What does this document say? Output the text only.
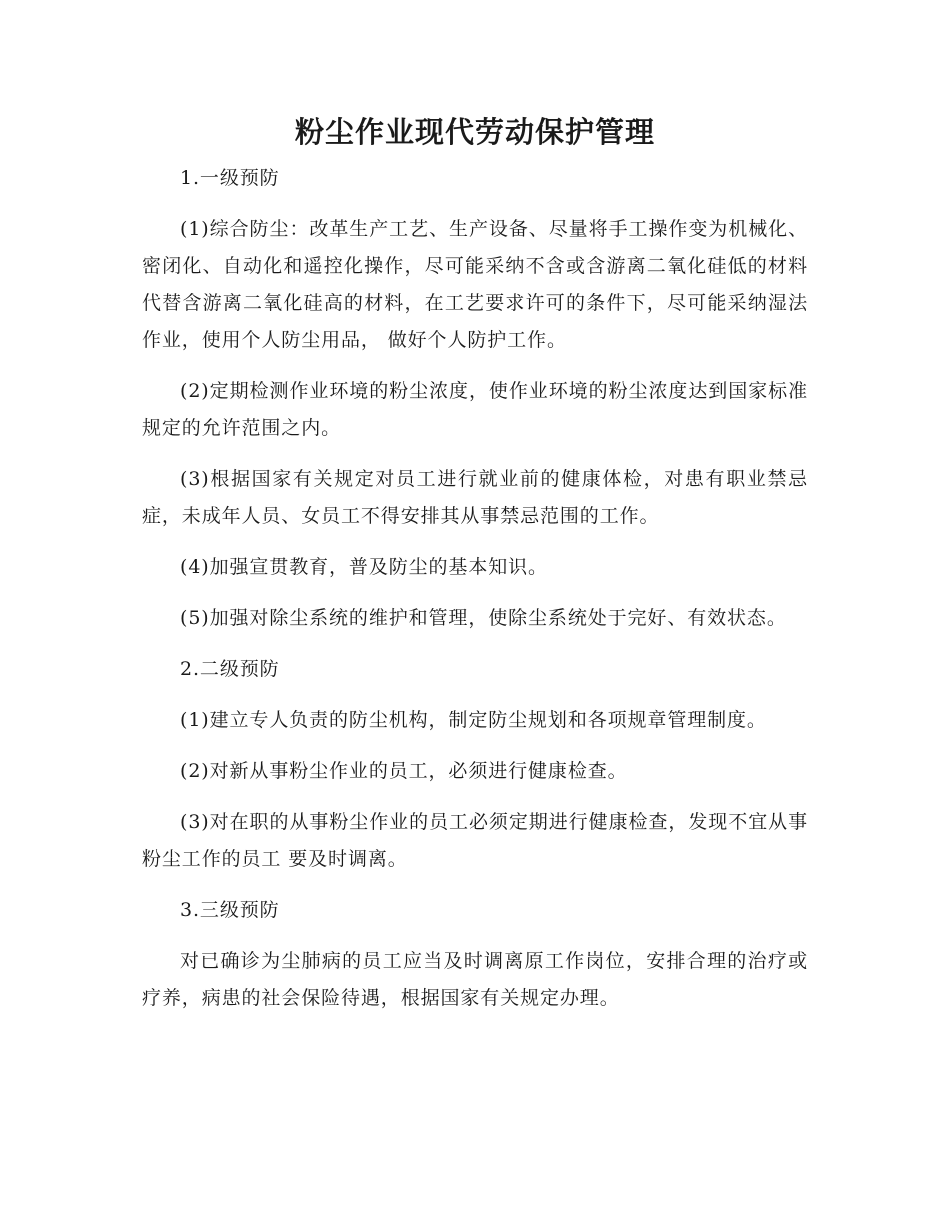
粉尘作业现代劳动保护管理

1.一级预防

(1)综合防尘：改革生产工艺、生产设备、尽量将手工操作变为机械化、密闭化、自动化和遥控化操作，尽可能采纳不含或含游离二氧化硅低的材料代替含游离二氧化硅高的材料，在工艺要求许可的条件下，尽可能采纳湿法作业，使用个人防尘用品， 做好个人防护工作。

(2)定期检测作业环境的粉尘浓度，使作业环境的粉尘浓度达到国家标准规定的允许范围之内。

(3)根据国家有关规定对员工进行就业前的健康体检，对患有职业禁忌症，未成年人员、女员工不得安排其从事禁忌范围的工作。

(4)加强宣贯教育，普及防尘的基本知识。

(5)加强对除尘系统的维护和管理，使除尘系统处于完好、有效状态。

2.二级预防

(1)建立专人负责的防尘机构，制定防尘规划和各项规章管理制度。

(2)对新从事粉尘作业的员工，必须进行健康检查。

(3)对在职的从事粉尘作业的员工必须定期进行健康检查，发现不宜从事粉尘工作的员工 要及时调离。

3.三级预防

对已确诊为尘肺病的员工应当及时调离原工作岗位，安排合理的治疗或疗养，病患的社会保险待遇，根据国家有关规定办理。
